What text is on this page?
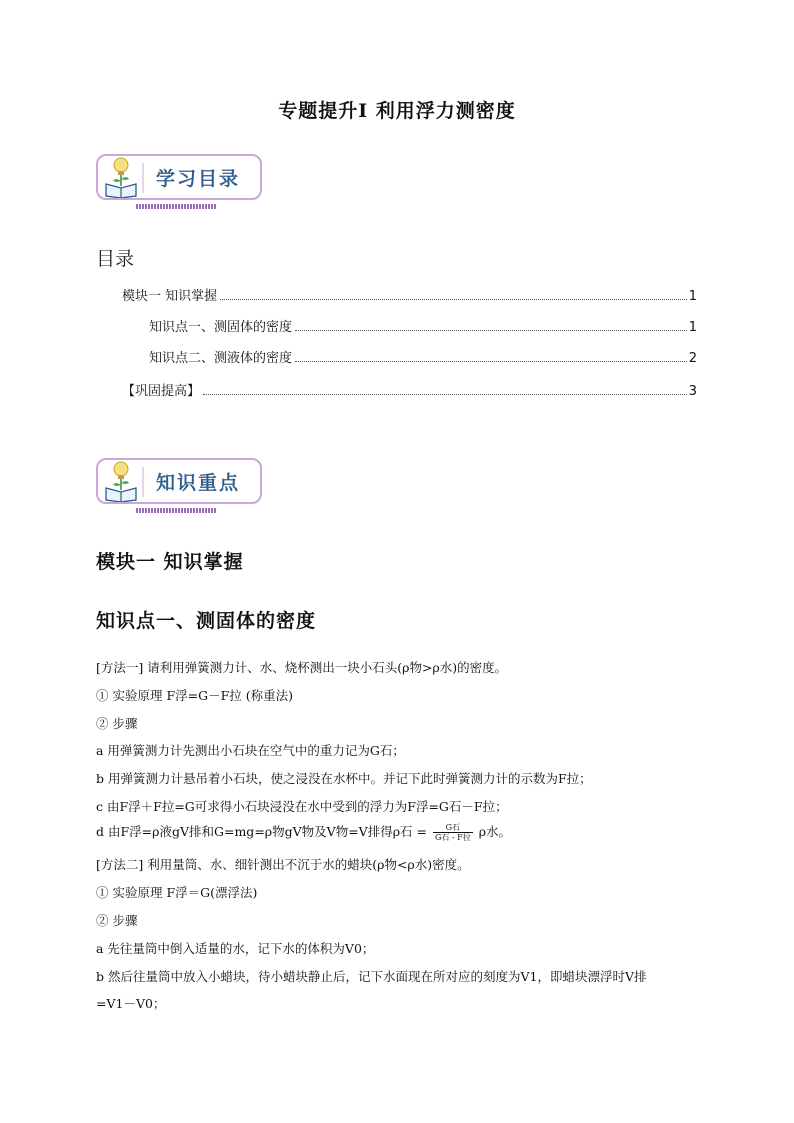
专题提升Ⅰ 利用浮力测密度
学习目录
目录
模块一 知识掌握	1
知识点一、测固体的密度	1
知识点二、测液体的密度	2
【巩固提高】	3
知识重点
模块一 知识掌握
知识点一、测固体的密度
[方法一] 请利用弹簧测力计、水、烧杯测出一块小石头(ρ物>ρ水)的密度。
① 实验原理 F浮=G－F拉 (称重法)
② 步骤
a 用弹簧测力计先测出小石块在空气中的重力记为G石；
b 用弹簧测力计悬吊着小石块，使之浸没在水杯中。并记下此时弹簧测力计的示数为F拉；
c 由F浮＋F拉=G可求得小石块浸没在水中受到的浮力为F浮=G石－F拉；
d 由F浮=ρ液gV排和G=mg=ρ物gV物及V物=V排得ρ石 = $\frac{\text{G石}}{\text{G石 - F拉}}$ ρ水。
[方法二] 利用量筒、水、细针测出不沉于水的蜡块(ρ物<ρ水)密度。
① 实验原理 F浮＝G(漂浮法)
② 步骤
a 先往量筒中倒入适量的水，记下水的体积为V0；
b 然后往量筒中放入小蜡块，待小蜡块静止后，记下水面现在所对应的刻度为V1，即蜡块漂浮时V排
=V1－V0；
